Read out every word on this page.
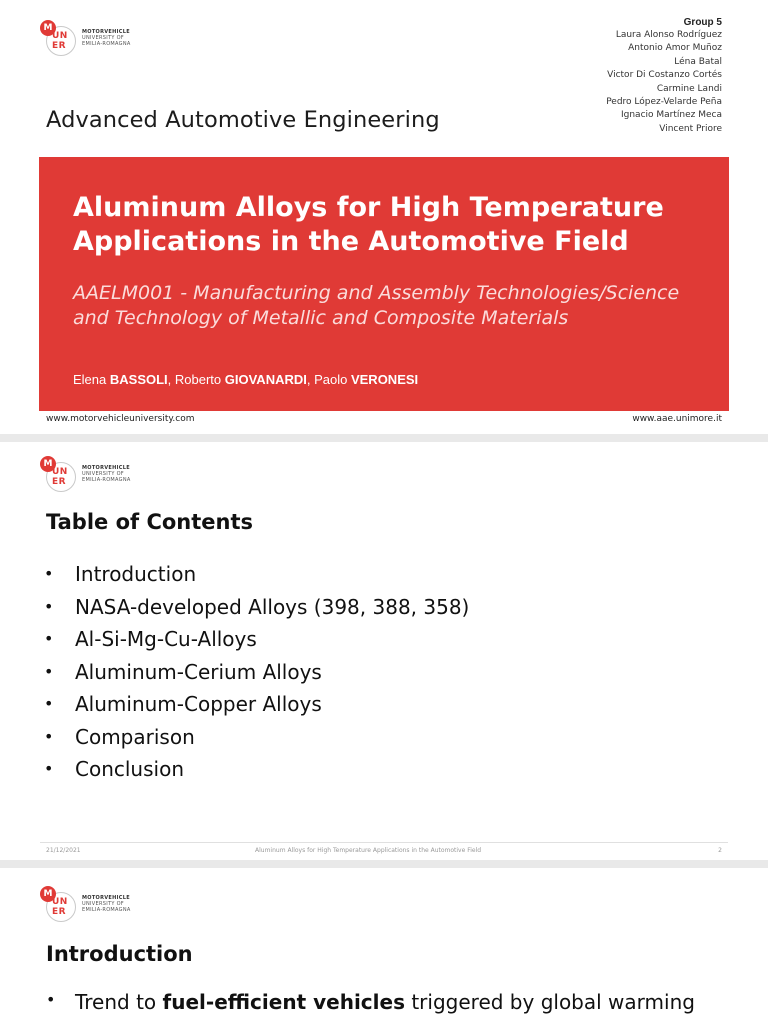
M
UN
ER
MOTORVEHICLE
UNIVERSITY OF
EMILIA-ROMAGNA
Group 5
Laura Alonso Rodríguez
Antonio Amor Muñoz
Léna Batal
Victor Di Costanzo Cortés
Carmine Landi
Pedro López-Velarde Peña
Ignacio Martínez Meca
Vincent Priore
Advanced Automotive Engineering
Aluminum Alloys for High Temperature Applications in the Automotive Field
AAELM001 - Manufacturing and Assembly Technologies/Science and Technology of Metallic and Composite Materials
Elena BASSOLI, Roberto GIOVANARDI, Paolo VERONESI
www.motorvehicleuniversity.com	www.aae.unimore.it
M
UN
ER
MOTORVEHICLE
UNIVERSITY OF
EMILIA-ROMAGNA
Table of Contents
•	Introduction
•	NASA-developed Alloys (398, 388, 358)
•	Al-Si-Mg-Cu-Alloys
•	Aluminum-Cerium Alloys
•	Aluminum-Copper Alloys
•	Comparison
•	Conclusion
21/12/2021	Aluminum Alloys for High Temperature Applications in the Automotive Field	2
M
UN
ER
MOTORVEHICLE
UNIVERSITY OF
EMILIA-ROMAGNA
Introduction
• Trend to fuel-efficient vehicles triggered by global warming
